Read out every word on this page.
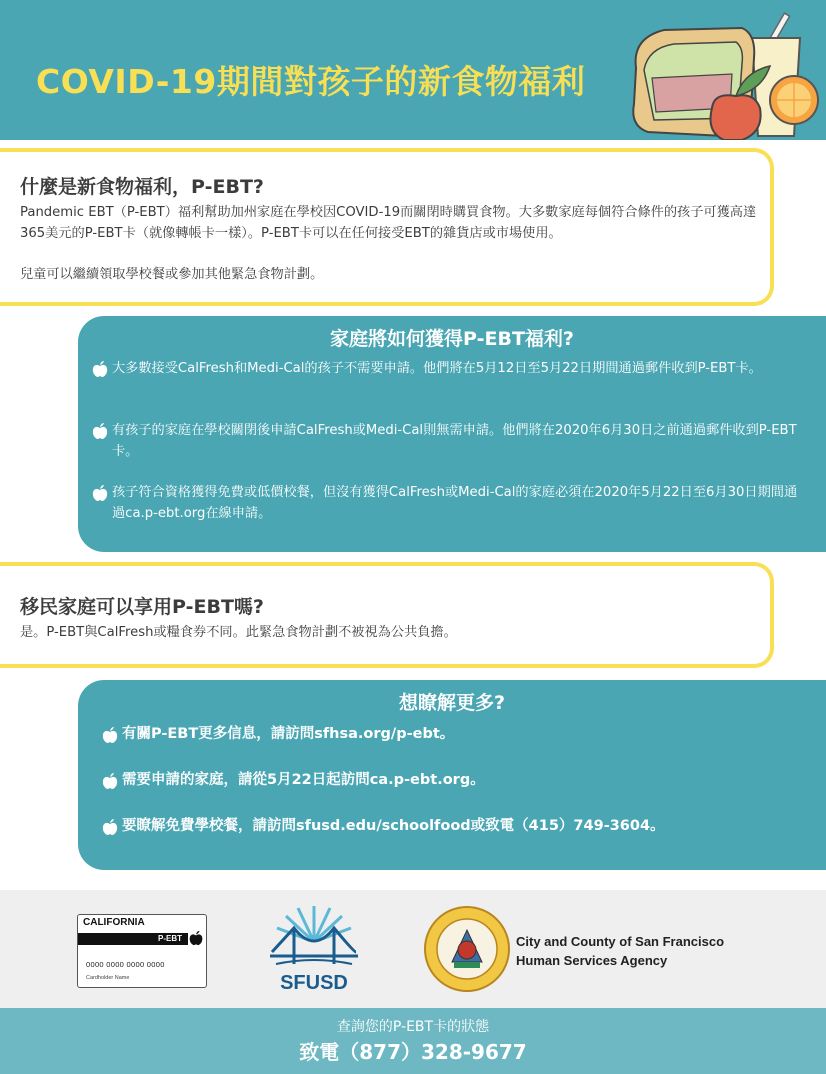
COVID-19期間對孩子的新食物福利
什麼是新食物福利，P-EBT?
Pandemic EBT（P-EBT）福利幫助加州家庭在學校因COVID-19而關閉時購買食物。大多數家庭每個符合條件的孩子可獲高達365美元的P-EBT卡（就像轉帳卡一樣）。P-EBT卡可以在任何接受EBT的雜貨店或市場使用。
兒童可以繼續領取學校餐或參加其他緊急食物計劃。
家庭將如何獲得P-EBT福利?
大多數接受CalFresh和Medi-Cal的孩子不需要申請。他們將在5月12日至5月22日期間通過郵件收到P-EBT卡。
有孩子的家庭在學校關閉後申請CalFresh或Medi-Cal則無需申請。他們將在2020年6月30日之前通過郵件收到P-EBT卡。
孩子符合資格獲得免費或低價校餐，但沒有獲得CalFresh或Medi-Cal的家庭必須在2020年5月22日至6月30日期間通過ca.p-ebt.org在線申請。
移民家庭可以享用P-EBT嗎?
是。P-EBT與CalFresh或糧食券不同。此緊急食物計劃不被視為公共負擔。
想瞭解更多?
有關P-EBT更多信息，請訪問sfhsa.org/p-ebt。
需要申請的家庭，請從5月22日起訪問ca.p-ebt.org。
要瞭解免費學校餐，請訪問sfusd.edu/schoolfood或致電（415）749-3604。
CALIFORNIA
P-EBT
0000 0000 0000 0000
Cardholder Name	SFUSD
City and County of San Francisco
Human Services Agency
查詢您的P-EBT卡的狀態
致電（877）328-9677
